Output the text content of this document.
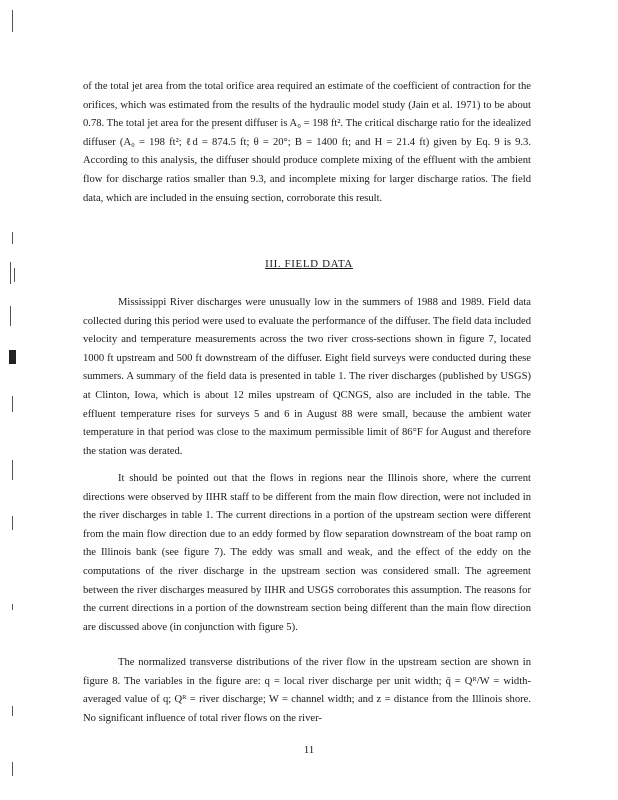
of the total jet area from the total orifice area required an estimate of the coefficient of contraction for the orifices, which was estimated from the results of the hydraulic model study (Jain et al. 1971) to be about 0.78. The total jet area for the present diffuser is A₀ = 198 ft². The critical discharge ratio for the idealized diffuser (A₀ = 198 ft²; ℓd = 874.5 ft; θ = 20°; B = 1400 ft; and H = 21.4 ft) given by Eq. 9 is 9.3. According to this analysis, the diffuser should produce complete mixing of the effluent with the ambient flow for discharge ratios smaller than 9.3, and incomplete mixing for larger discharge ratios. The field data, which are included in the ensuing section, corroborate this result.

III. FIELD DATA

Mississippi River discharges were unusually low in the summers of 1988 and 1989. Field data collected during this period were used to evaluate the performance of the diffuser. The field data included velocity and temperature measurements across the two river cross-sections shown in figure 7, located 1000 ft upstream and 500 ft downstream of the diffuser. Eight field surveys were conducted during these summers. A summary of the field data is presented in table 1. The river discharges (published by USGS) at Clinton, Iowa, which is about 12 miles upstream of QCNGS, also are included in the table. The effluent temperature rises for surveys 5 and 6 in August 88 were small, because the ambient water temperature in that period was close to the maximum permissible limit of 86°F for August and therefore the station was derated.

It should be pointed out that the flows in regions near the Illinois shore, where the current directions were observed by IIHR staff to be different from the main flow direction, were not included in the river discharges in table 1. The current directions in a portion of the upstream section were different from the main flow direction due to an eddy formed by flow separation downstream of the boat ramp on the Illinois bank (see figure 7). The eddy was small and weak, and the effect of the eddy on the computations of the river discharge in the upstream section was considered small. The agreement between the river discharges measured by IIHR and USGS corroborates this assumption. The reasons for the current directions in a portion of the downstream section being different than the main flow direction are discussed above (in conjunction with figure 5).

The normalized transverse distributions of the river flow in the upstream section are shown in figure 8. The variables in the figure are: q = local river discharge per unit width; q̄ = Qᴿ/W = width-averaged value of q; Qᴿ = river discharge; W = channel width; and z = distance from the Illinois shore. No significant influence of total river flows on the river-

11
